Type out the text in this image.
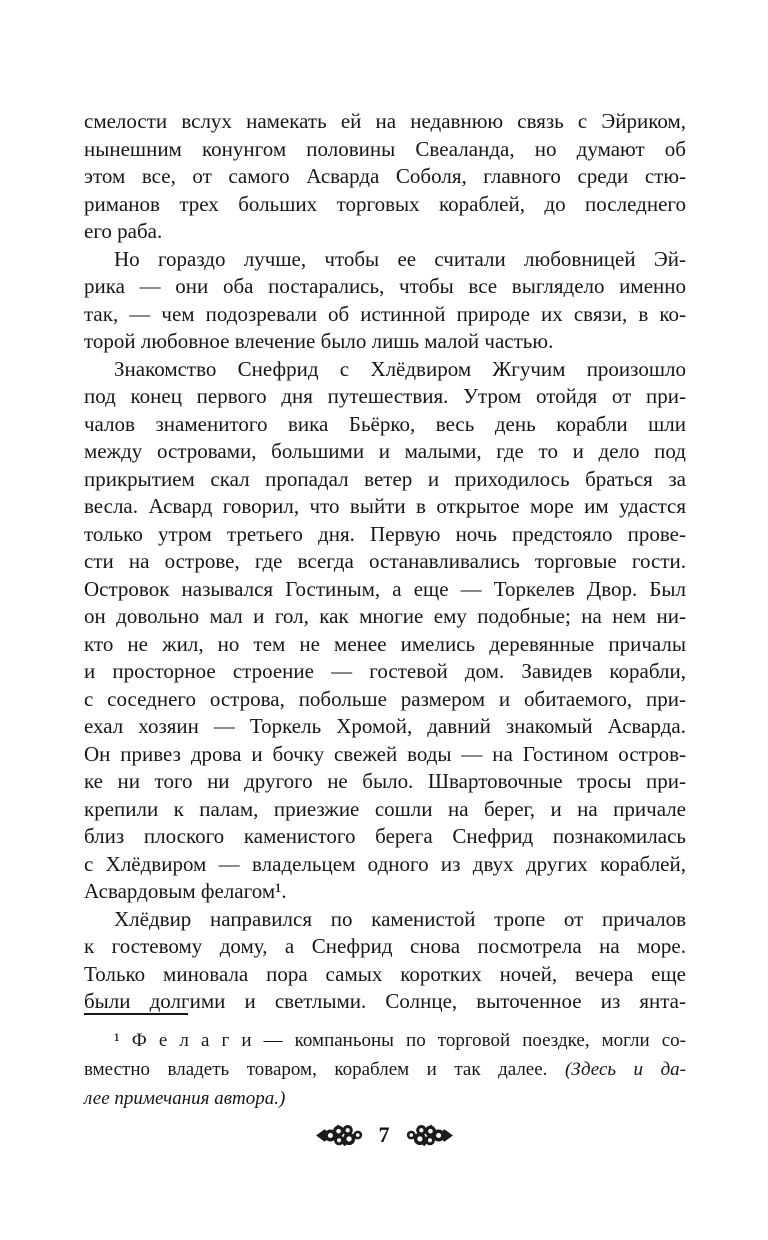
смелости вслух намекать ей на недавнюю связь с Эйриком,
нынешним конунгом половины Свеаланда, но думают об
этом все, от самого Асварда Соболя, главного среди стю-
риманов трех больших торговых кораблей, до последнего
его раба.
Но гораздо лучше, чтобы ее считали любовницей Эй-
рика — они оба постарались, чтобы все выглядело именно
так, — чем подозревали об истинной природе их связи, в ко-
торой любовное влечение было лишь малой частью.
Знакомство Снефрид с Хлёдвиром Жгучим произошло
под конец первого дня путешествия. Утром отойдя от при-
чалов знаменитого вика Бьёрко, весь день корабли шли
между островами, большими и малыми, где то и дело под
прикрытием скал пропадал ветер и приходилось браться за
весла. Асвард говорил, что выйти в открытое море им удастся
только утром третьего дня. Первую ночь предстояло прове-
сти на острове, где всегда останавливались торговые гости.
Островок назывался Гостиным, а еще — Торкелев Двор. Был
он довольно мал и гол, как многие ему подобные; на нем ни-
кто не жил, но тем не менее имелись деревянные причалы
и просторное строение — гостевой дом. Завидев корабли,
с соседнего острова, побольше размером и обитаемого, при-
ехал хозяин — Торкель Хромой, давний знакомый Асварда.
Он привез дрова и бочку свежей воды — на Гостином остров-
ке ни того ни другого не было. Швартовочные тросы при-
крепили к палам, приезжие сошли на берег, и на причале
близ плоского каменистого берега Снефрид познакомилась
с Хлёдвиром — владельцем одного из двух других кораблей,
Асвардовым фелагом¹.
Хлёдвир направился по каменистой тропе от причалов
к гостевому дому, а Снефрид снова посмотрела на море.
Только миновала пора самых коротких ночей, вечера еще
были долгими и светлыми. Солнце, выточенное из янта-
¹ Ф е л а г и — компаньоны по торговой поездке, могли со-
вместно владеть товаром, кораблем и так далее. (Здесь и да-
лее примечания автора.)
7
